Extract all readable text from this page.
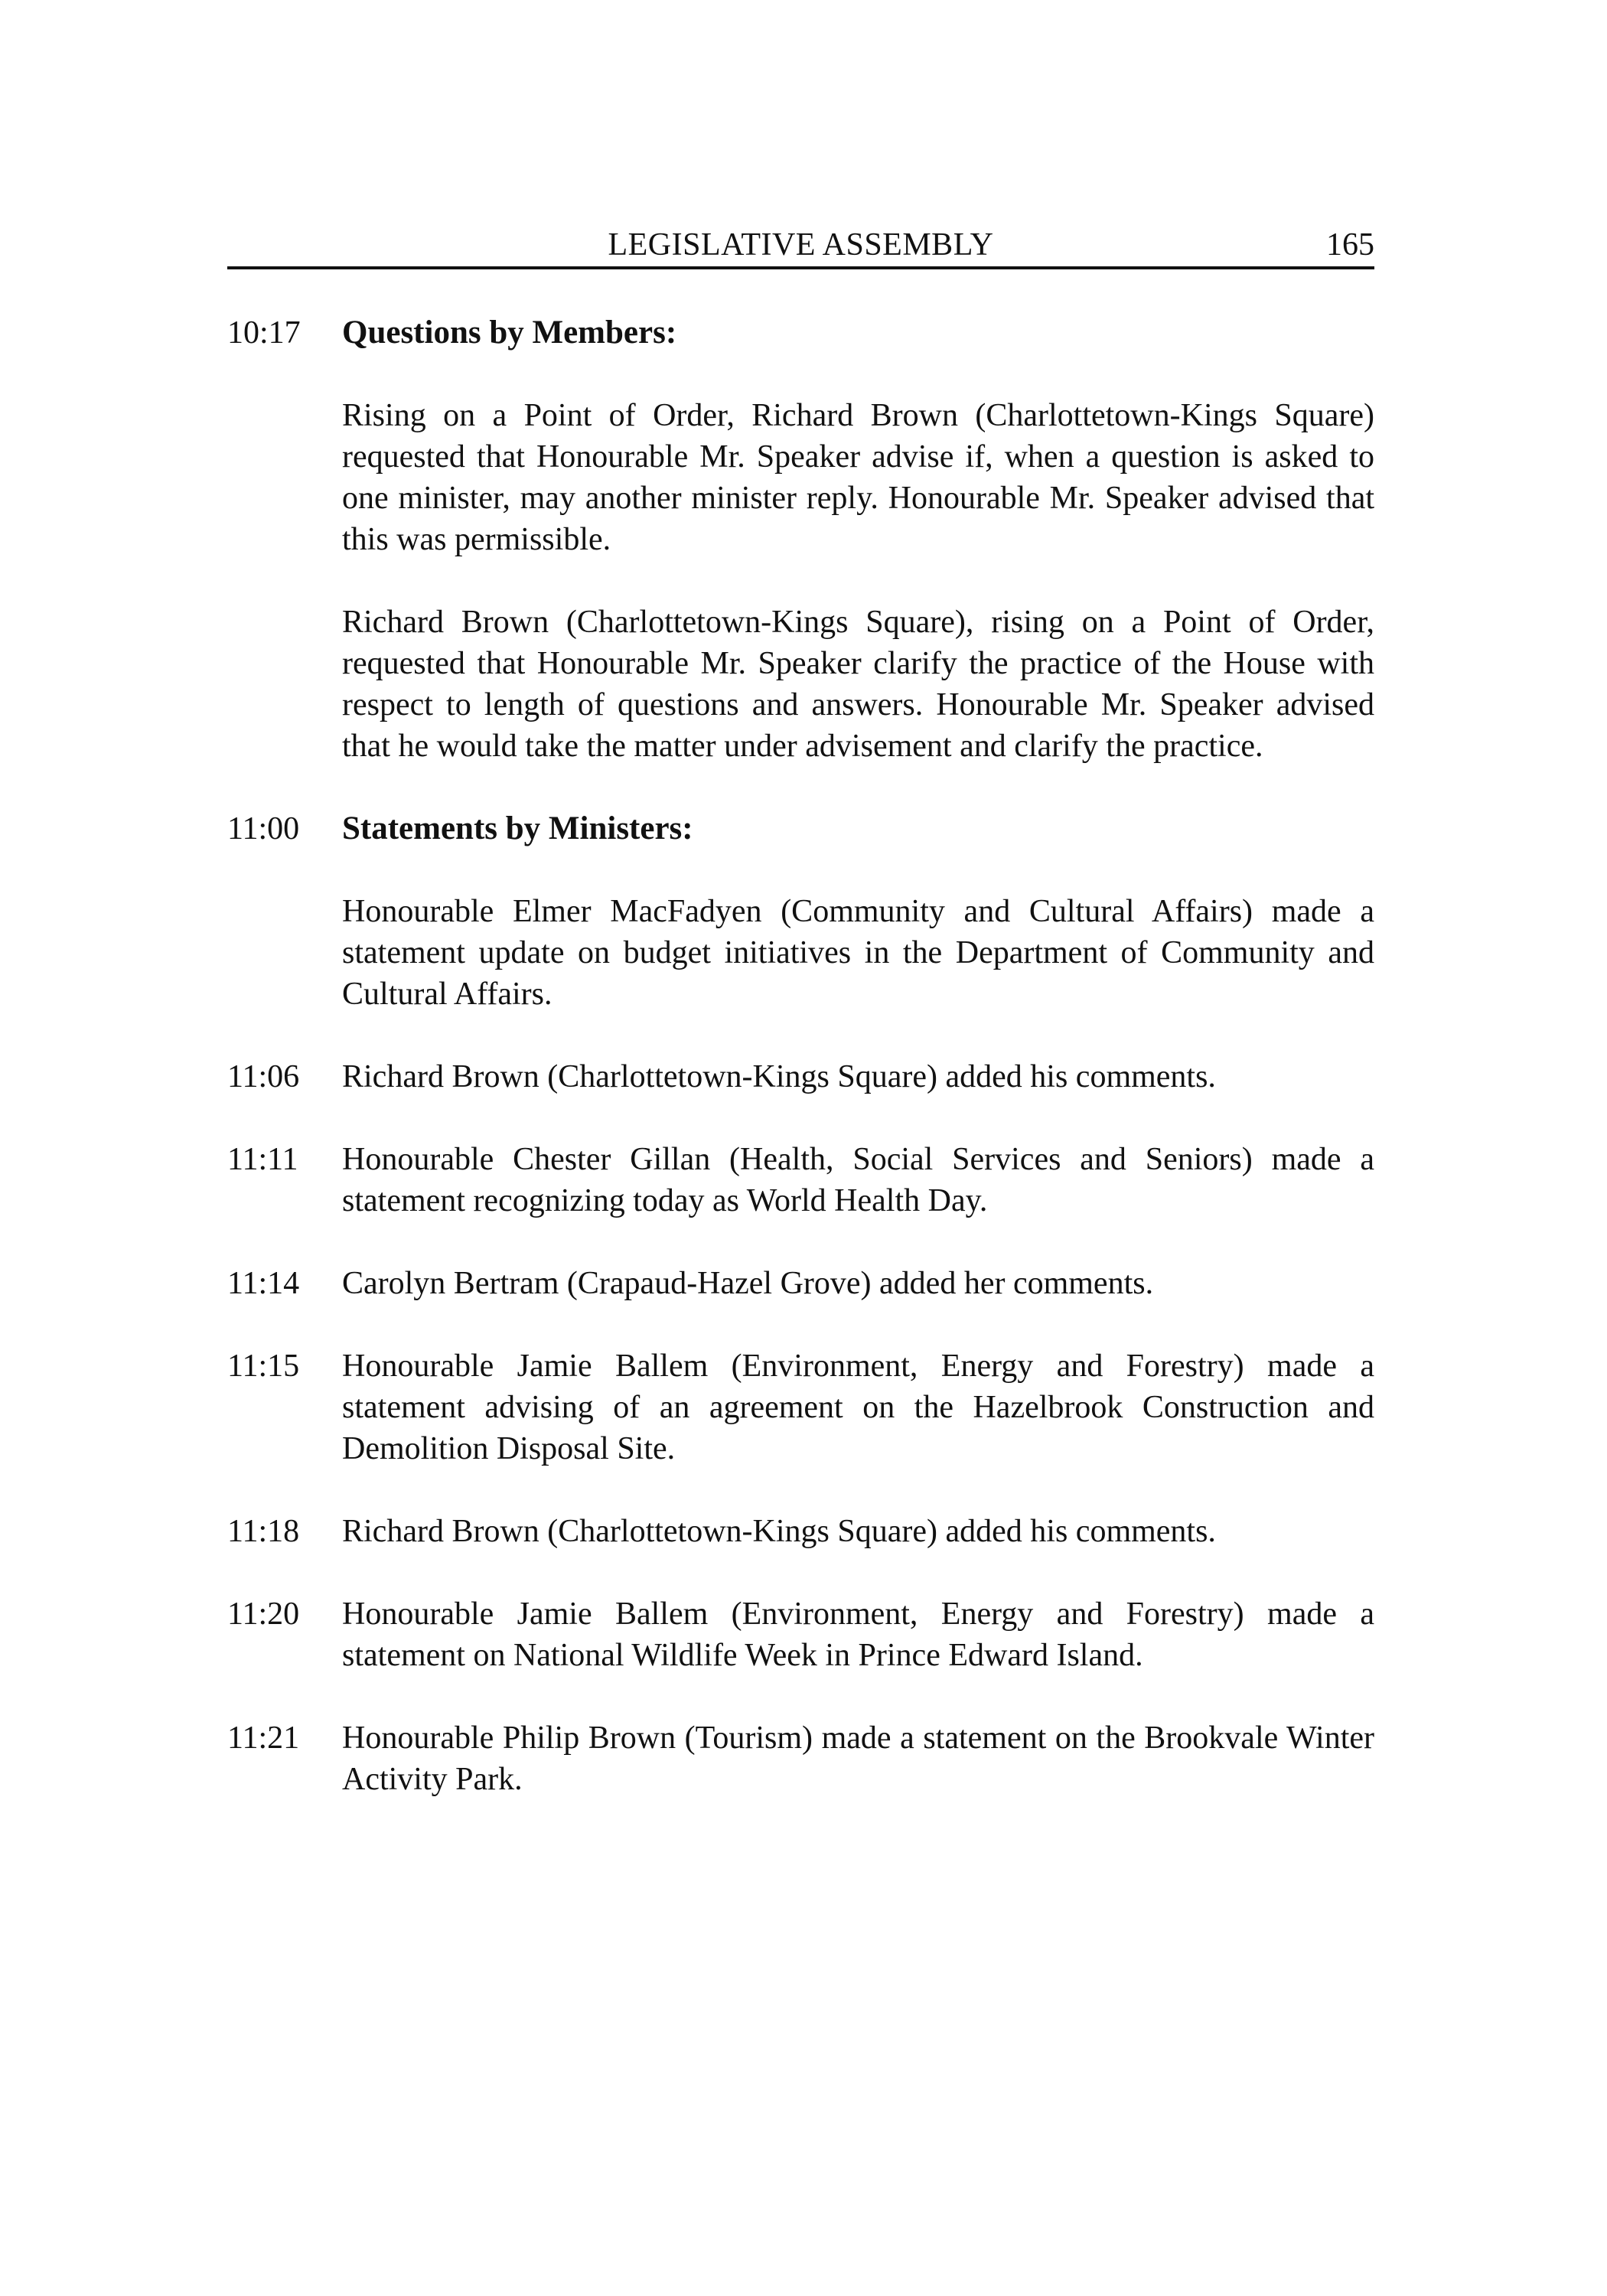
LEGISLATIVE ASSEMBLY	165
10:17	Questions by Members:

Rising on a Point of Order, Richard Brown (Charlottetown-Kings Square) requested that Honourable Mr. Speaker advise if, when a question is asked to one minister, may another minister reply. Honourable Mr. Speaker advised that this was permissible.

Richard Brown (Charlottetown-Kings Square), rising on a Point of Order, requested that Honourable Mr. Speaker clarify the practice of the House with respect to length of questions and answers. Honourable Mr. Speaker advised that he would take the matter under advisement and clarify the practice.

11:00	Statements by Ministers:

Honourable Elmer MacFadyen (Community and Cultural Affairs) made a statement update on budget initiatives in the Department of Community and Cultural Affairs.

11:06	Richard Brown (Charlottetown-Kings Square) added his comments.

11:11	Honourable Chester Gillan (Health, Social Services and Seniors) made a statement recognizing today as World Health Day.

11:14	Carolyn Bertram (Crapaud-Hazel Grove) added her comments.

11:15	Honourable Jamie Ballem (Environment, Energy and Forestry) made a statement advising of an agreement on the Hazelbrook Construction and Demolition Disposal Site.

11:18	Richard Brown (Charlottetown-Kings Square) added his comments.

11:20	Honourable Jamie Ballem (Environment, Energy and Forestry) made a statement on National Wildlife Week in Prince Edward Island.

11:21	Honourable Philip Brown (Tourism) made a statement on the Brookvale Winter Activity Park.
